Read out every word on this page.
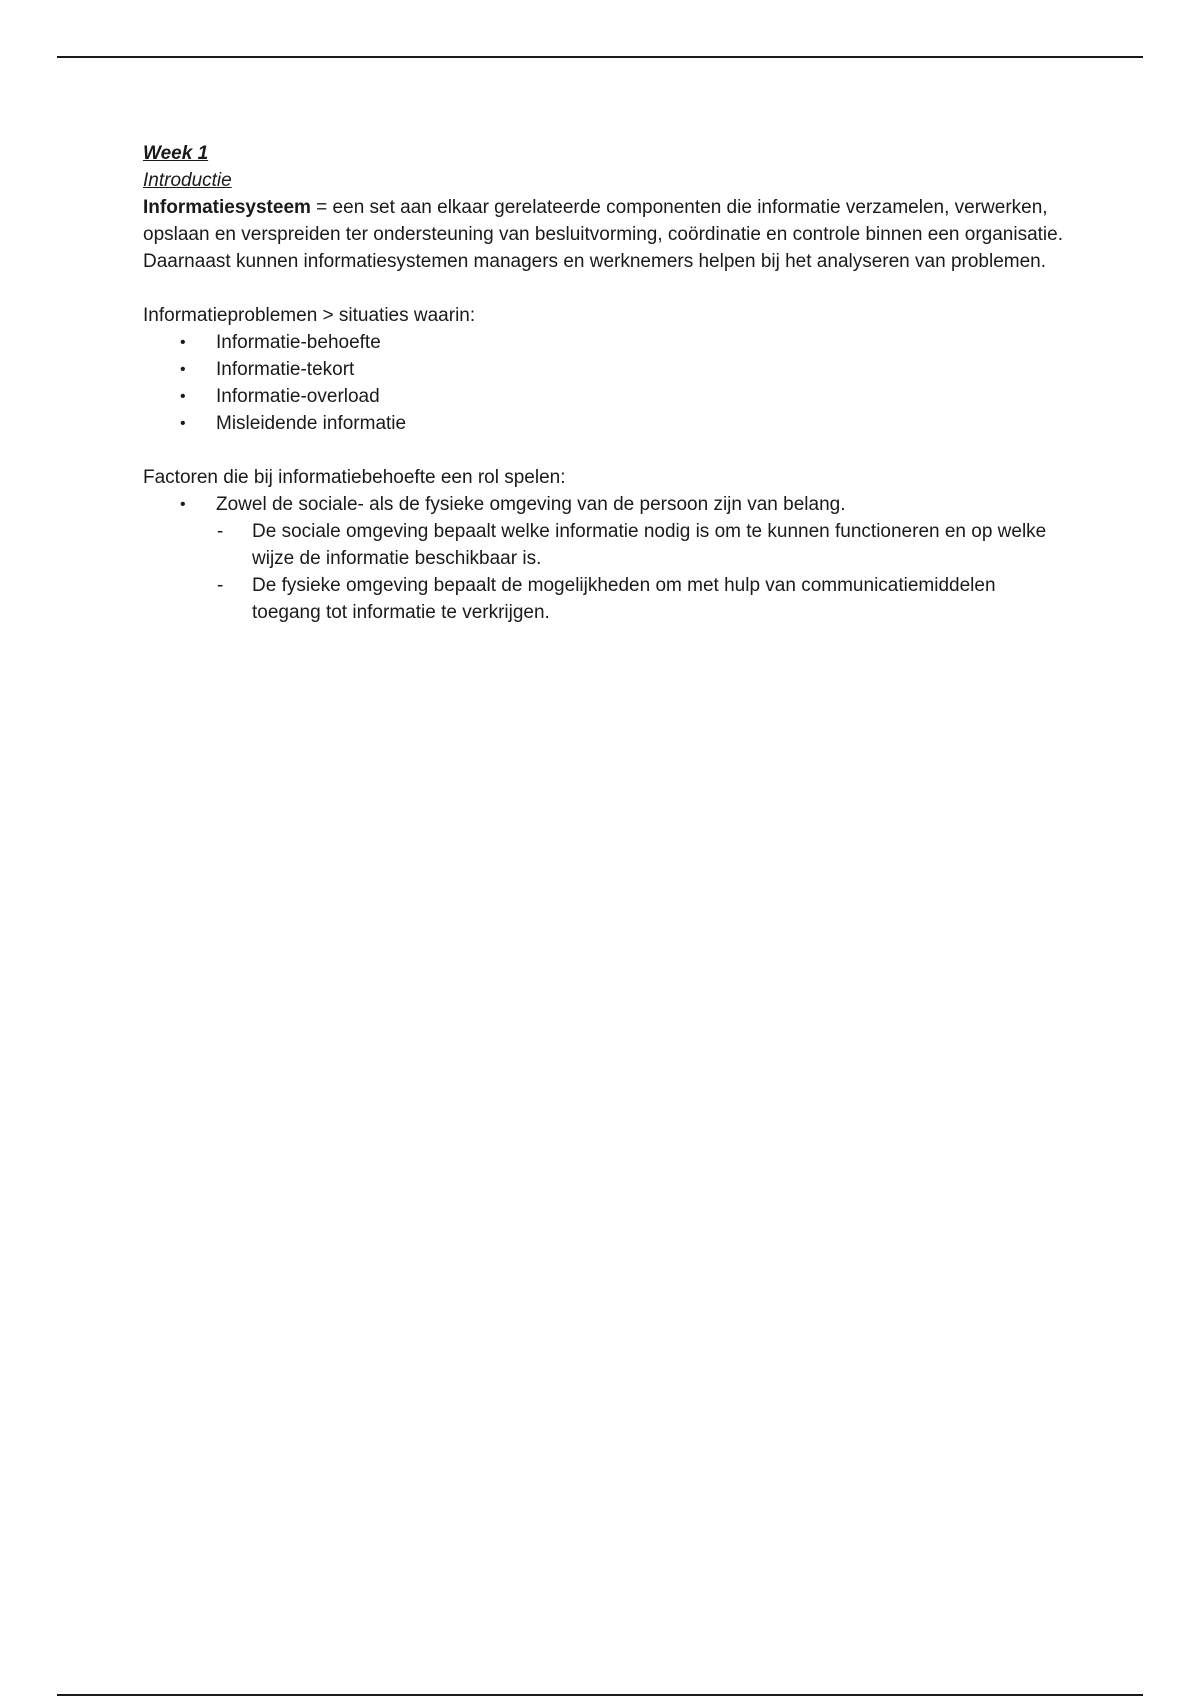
Week 1

Introductie

Informatiesysteem = een set aan elkaar gerelateerde componenten die informatie verzamelen, verwerken, opslaan en verspreiden ter ondersteuning van besluitvorming, coördinatie en controle binnen een organisatie. Daarnaast kunnen informatiesystemen managers en werknemers helpen bij het analyseren van problemen.

Informatieproblemen > situaties waarin:

• Informatie-behoefte
• Informatie-tekort
• Informatie-overload
• Misleidende informatie

Factoren die bij informatiebehoefte een rol spelen:

• Zowel de sociale- als de fysieke omgeving van de persoon zijn van belang.
- De sociale omgeving bepaalt welke informatie nodig is om te kunnen functioneren en op welke wijze de informatie beschikbaar is.
- De fysieke omgeving bepaalt de mogelijkheden om met hulp van communicatiemiddelen toegang tot informatie te verkrijgen.
